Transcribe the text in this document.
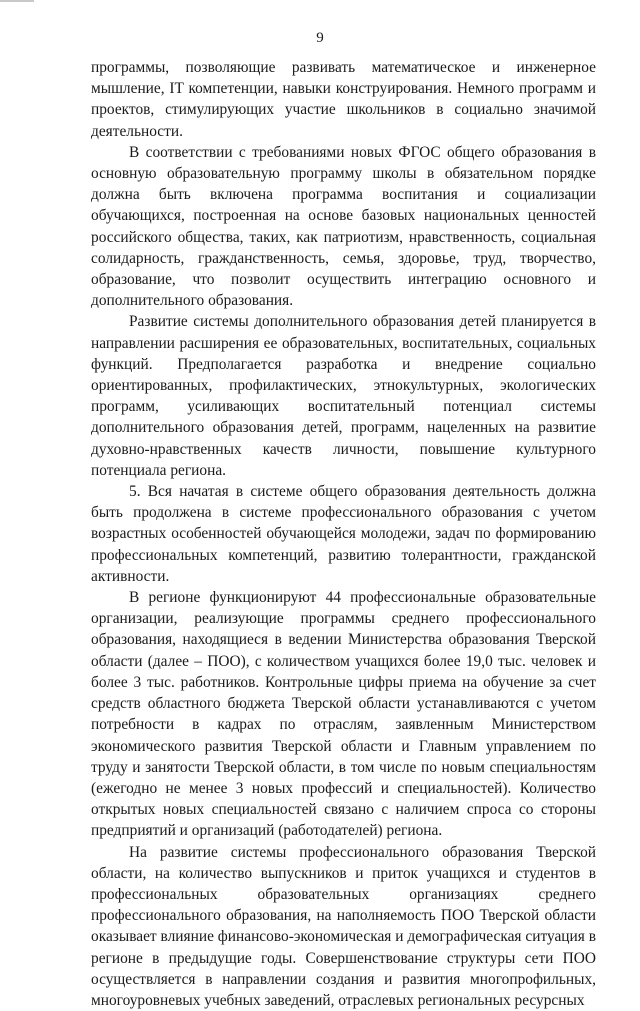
9

программы, позволяющие развивать математическое и инженерное мышление, IT компетенции, навыки конструирования. Немного программ и проектов, стимулирующих участие школьников в социально значимой деятельности.

В соответствии с требованиями новых ФГОС общего образования в основную образовательную программу школы в обязательном порядке должна быть включена программа воспитания и социализации обучающихся, построенная на основе базовых национальных ценностей российского общества, таких, как патриотизм, нравственность, социальная солидарность, гражданственность, семья, здоровье, труд, творчество, образование, что позволит осуществить интеграцию основного и дополнительного образования.

Развитие системы дополнительного образования детей планируется в направлении расширения ее образовательных, воспитательных, социальных функций. Предполагается разработка и внедрение социально ориентированных, профилактических, этнокультурных, экологических программ, усиливающих воспитательный потенциал системы дополнительного образования детей, программ, нацеленных на развитие духовно-нравственных качеств личности, повышение культурного потенциала региона.

5. Вся начатая в системе общего образования деятельность должна быть продолжена в системе профессионального образования с учетом возрастных особенностей обучающейся молодежи, задач по формированию профессиональных компетенций, развитию толерантности, гражданской активности.

В регионе функционируют 44 профессиональные образовательные организации, реализующие программы среднего профессионального образования, находящиеся в ведении Министерства образования Тверской области (далее – ПОО), с количеством учащихся более 19,0 тыс. человек и более 3 тыс. работников. Контрольные цифры приема на обучение за счет средств областного бюджета Тверской области устанавливаются с учетом потребности в кадрах по отраслям, заявленным Министерством экономического развития Тверской области и Главным управлением по труду и занятости Тверской области, в том числе по новым специальностям (ежегодно не менее 3 новых профессий и специальностей). Количество открытых новых специальностей связано с наличием спроса со стороны предприятий и организаций (работодателей) региона.

На развитие системы профессионального образования Тверской области, на количество выпускников и приток учащихся и студентов в профессиональных образовательных организациях среднего профессионального образования, на наполняемость ПОО Тверской области оказывает влияние финансово-экономическая и демографическая ситуация в регионе в предыдущие годы. Совершенствование структуры сети ПОО осуществляется в направлении создания и развития многопрофильных, многоуровневых учебных заведений, отраслевых региональных ресурсных
